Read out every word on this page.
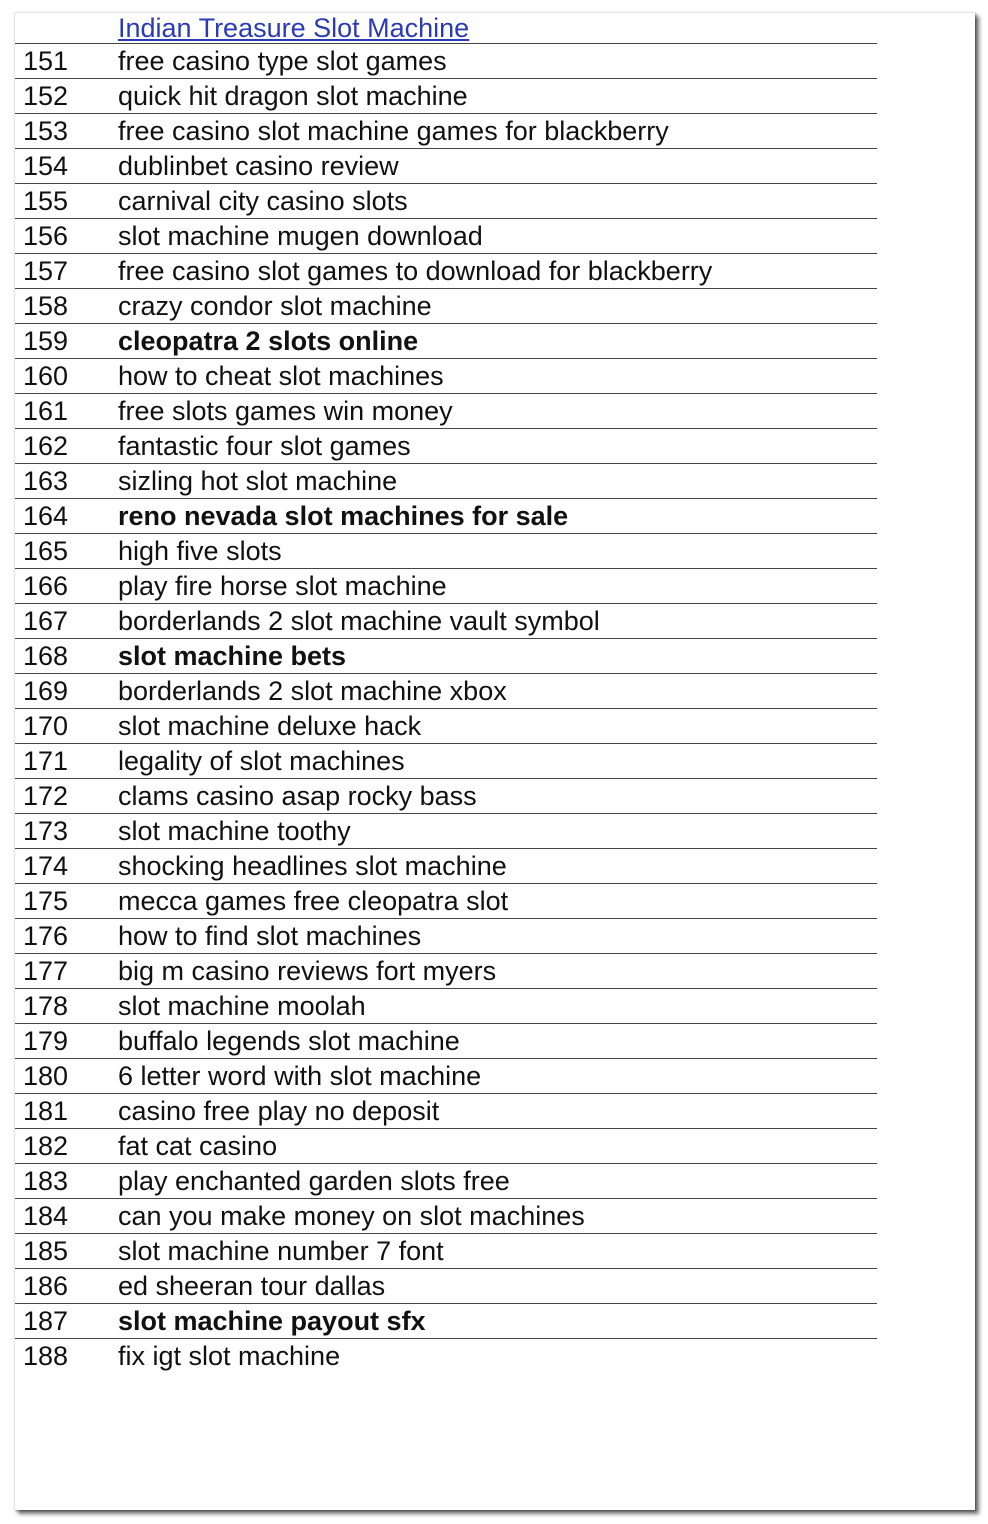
Indian Treasure Slot Machine
151 free casino type slot games
152 quick hit dragon slot machine
153 free casino slot machine games for blackberry
154 dublinbet casino review
155 carnival city casino slots
156 slot machine mugen download
157 free casino slot games to download for blackberry
158 crazy condor slot machine
159 cleopatra 2 slots online
160 how to cheat slot machines
161 free slots games win money
162 fantastic four slot games
163 sizling hot slot machine
164 reno nevada slot machines for sale
165 high five slots
166 play fire horse slot machine
167 borderlands 2 slot machine vault symbol
168 slot machine bets
169 borderlands 2 slot machine xbox
170 slot machine deluxe hack
171 legality of slot machines
172 clams casino asap rocky bass
173 slot machine toothy
174 shocking headlines slot machine
175 mecca games free cleopatra slot
176 how to find slot machines
177 big m casino reviews fort myers
178 slot machine moolah
179 buffalo legends slot machine
180 6 letter word with slot machine
181 casino free play no deposit
182 fat cat casino
183 play enchanted garden slots free
184 can you make money on slot machines
185 slot machine number 7 font
186 ed sheeran tour dallas
187 slot machine payout sfx
188 fix igt slot machine
